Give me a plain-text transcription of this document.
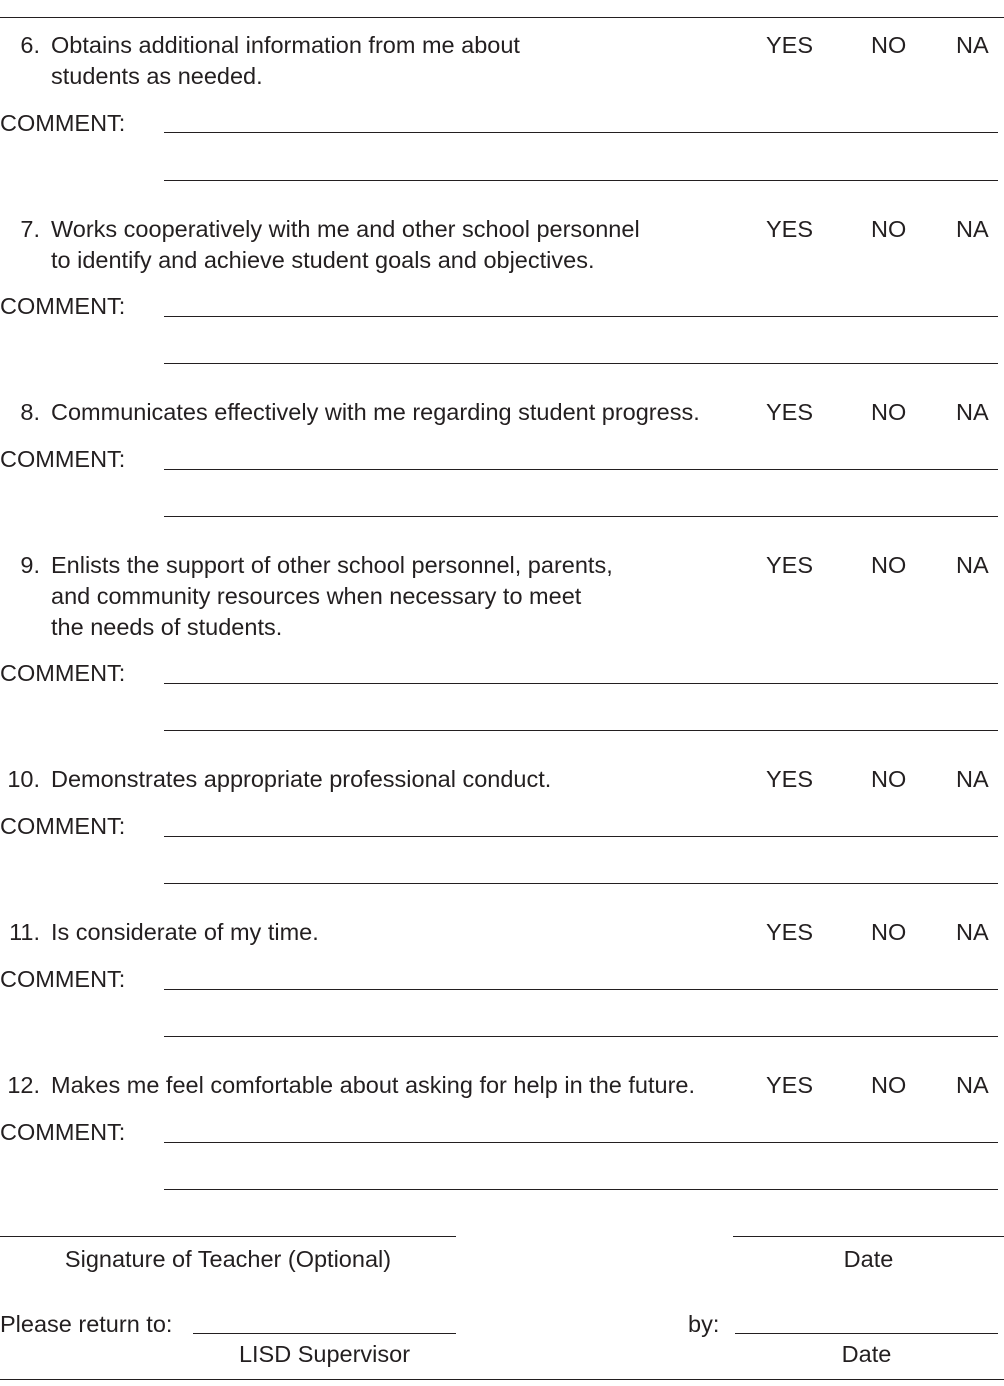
6. Obtains additional information from me about
students as needed.
YES NO NA
COMMENT:
7. Works cooperatively with me and other school personnel
to identify and achieve student goals and objectives.
YES NO NA
COMMENT:
8. Communicates effectively with me regarding student progress.	YES NO NA
COMMENT:
9. Enlists the support of other school personnel, parents,
and community resources when necessary to meet
the needs of students.
YES NO NA
COMMENT:
10. Demonstrates appropriate professional conduct.	YES NO NA
COMMENT:
11. Is considerate of my time.	YES NO NA
COMMENT:
12. Makes me feel comfortable about asking for help in the future.	YES NO NA
COMMENT:
Signature of Teacher (Optional)	Date
Please return to:
LISD Supervisor
by:
Date
